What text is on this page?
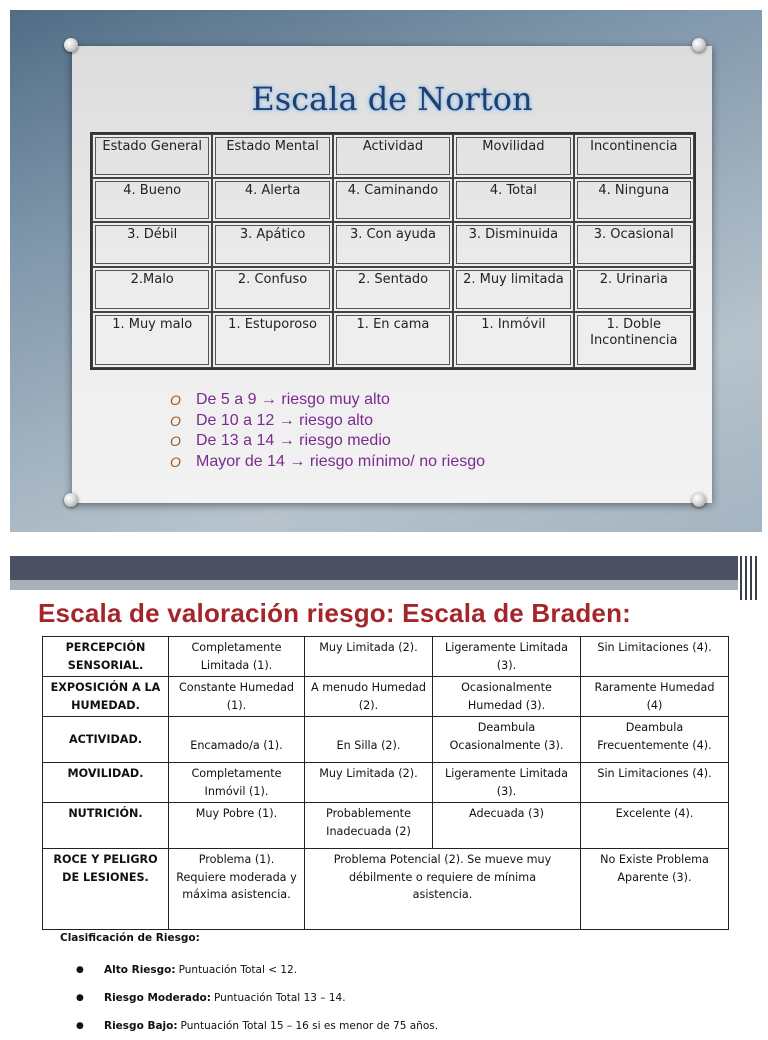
Escala de Norton
Estado General	Estado Mental	Actividad	Movilidad	Incontinencia
4. Bueno	4. Alerta	4. Caminando	4. Total	4. Ninguna
3. Débil	3. Apático	3. Con ayuda	3. Disminuida	3. Ocasional
2.Malo	2. Confuso	2. Sentado	2. Muy limitada	2. Urinaria
1. Muy malo	1. Estuporoso	1. En cama	1. Inmóvil	1. Doble Incontinencia
O De 5 a 9 → riesgo muy alto
O De 10 a 12 → riesgo alto
O De 13 a 14 → riesgo medio
O Mayor de 14 → riesgo mínimo/ no riesgo
Escala de valoración riesgo: Escala de Braden:
PERCEPCIÓN SENSORIAL.	Completamente Limitada (1).	Muy Limitada (2).	Ligeramente Limitada (3).	Sin Limitaciones (4).
EXPOSICIÓN A LA HUMEDAD.	Constante Humedad (1).	A menudo Humedad (2).	Ocasionalmente Humedad (3).	Raramente Humedad (4)
ACTIVIDAD.	Encamado/a (1).	En Silla (2).	Deambula Ocasionalmente (3).	Deambula Frecuentemente (4).
MOVILIDAD.	Completamente Inmóvil (1).	Muy Limitada (2).	Ligeramente Limitada (3).	Sin Limitaciones (4).
NUTRICIÓN.	Muy Pobre (1).	Probablemente Inadecuada (2)	Adecuada (3)	Excelente (4).
ROCE Y PELIGRO DE LESIONES.	Problema (1). Requiere moderada y máxima asistencia.	Problema Potencial (2). Se mueve muy débilmente o requiere de mínima asistencia.		No Existe Problema Aparente (3).
Clasificación de Riesgo:
●	Alto Riesgo: Puntuación Total < 12.
●	Riesgo Moderado: Puntuación Total 13 – 14.
●	Riesgo Bajo: Puntuación Total 15 – 16 si es menor de 75 años.
